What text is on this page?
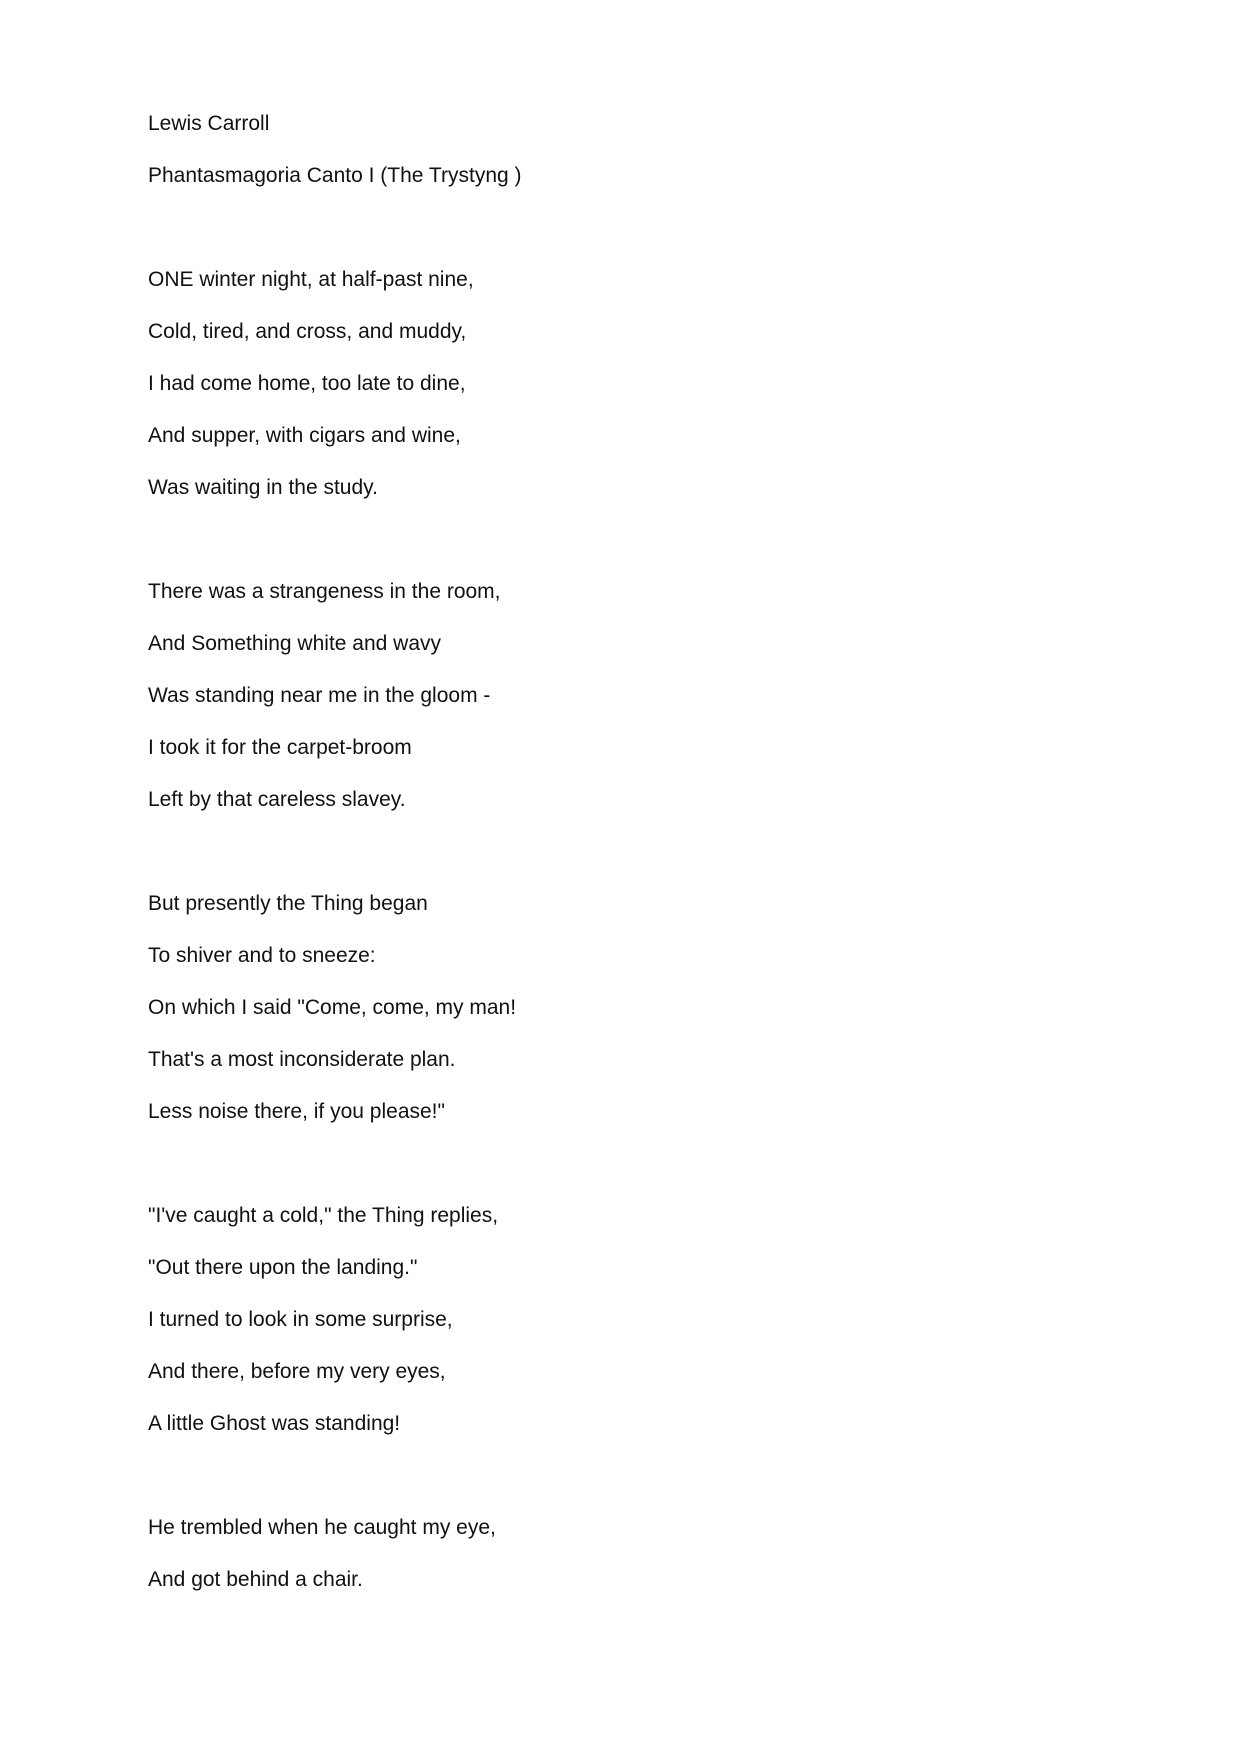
Lewis Carroll

Phantasmagoria Canto I (The Trystyng )

ONE winter night, at half-past nine,

Cold, tired, and cross, and muddy,

I had come home, too late to dine,

And supper, with cigars and wine,

Was waiting in the study.

There was a strangeness in the room,

And Something white and wavy

Was standing near me in the gloom -

I took it for the carpet-broom

Left by that careless slavey.

But presently the Thing began

To shiver and to sneeze:

On which I said "Come, come, my man!

That's a most inconsiderate plan.

Less noise there, if you please!"

"I've caught a cold," the Thing replies,

"Out there upon the landing."

I turned to look in some surprise,

And there, before my very eyes,

A little Ghost was standing!

He trembled when he caught my eye,

And got behind a chair.
